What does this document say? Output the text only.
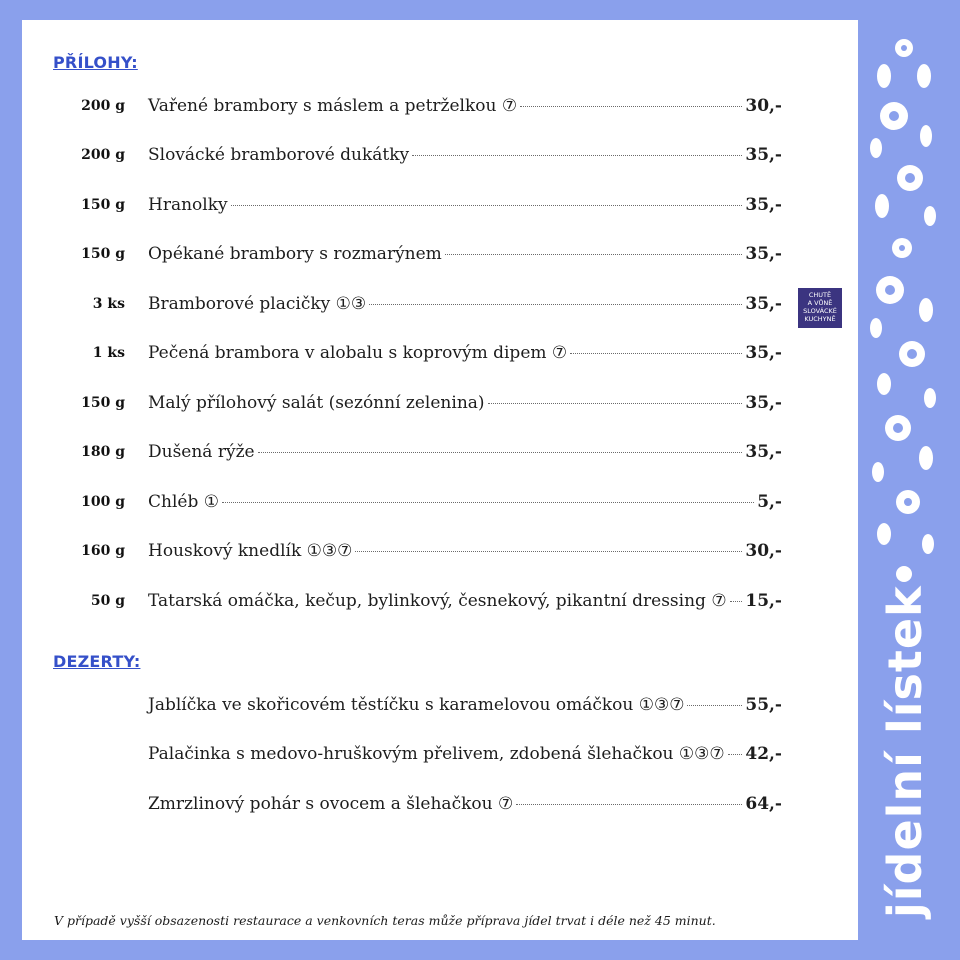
PŘÍLOHY:
200 g Vařené brambory s máslem a petrželkou ⑦	30,-
200 g Slovácké bramborové dukátky	35,-
150 g Hranolky	35,-
150 g Opékané brambory s rozmarýnem	35,-
3 ks Bramborové placičky ①③	35,-
1 ks Pečená brambora v alobalu s koprovým dipem ⑦	35,-
150 g Malý přílohový salát (sezónní zelenina)	35,-
180 g Dušená rýže	35,-
100 g Chléb ①	5,-
160 g Houskový knedlík ①③⑦	30,-
50 g Tatarská omáčka, kečup, bylinkový, česnekový, pikantní dressing ⑦ 15,-
DEZERTY:
Jablíčka ve skořicovém těstíčku s karamelovou omáčkou ①③⑦	55,-
Palačinka s medovo-hruškovým přelivem, zdobená šlehačkou ①③⑦ 42,-
Zmrzlinový pohár s ovocem a šlehačkou ⑦	64,-
V případě vyšší obsazenosti restaurace a venkovních teras může příprava jídel trvat i déle než 45 minut.
CHUTĚ
A VŮNĚ
SLOVÁCKÉ
KUCHYNĚ
jídelní lístek
